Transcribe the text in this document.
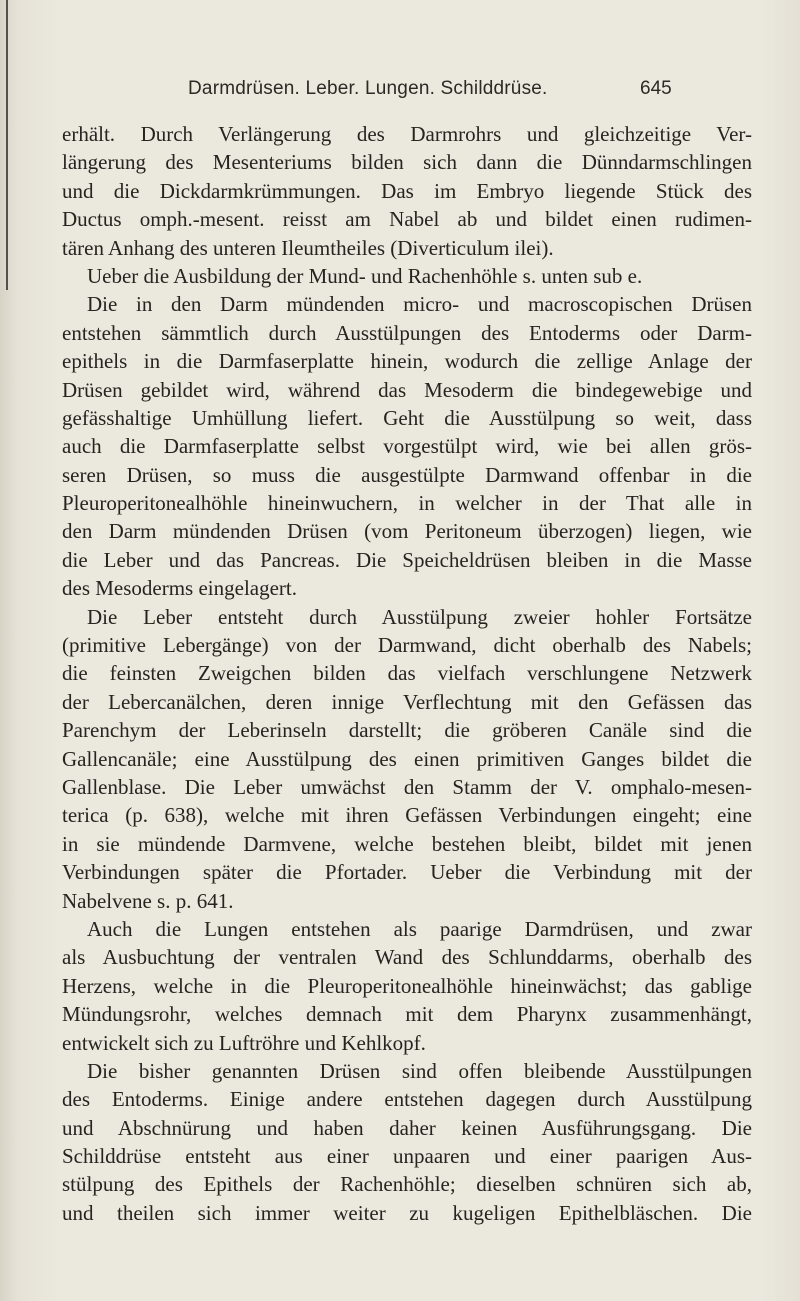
Darmdrüsen. Leber. Lungen. Schilddrüse.	645
erhält. Durch Verlängerung des Darmrohrs und gleichzeitige Ver-
längerung des Mesenteriums bilden sich dann die Dünndarmschlingen
und die Dickdarmkrümmungen. Das im Embryo liegende Stück des
Ductus omph.-mesent. reisst am Nabel ab und bildet einen rudimen-
tären Anhang des unteren Ileumtheiles (Diverticulum ilei).
Ueber die Ausbildung der Mund- und Rachenhöhle s. unten sub e.
Die in den Darm mündenden micro- und macroscopischen Drüsen
entstehen sämmtlich durch Ausstülpungen des Entoderms oder Darm-
epithels in die Darmfaserplatte hinein, wodurch die zellige Anlage der
Drüsen gebildet wird, während das Mesoderm die bindegewebige und
gefässhaltige Umhüllung liefert. Geht die Ausstülpung so weit, dass
auch die Darmfaserplatte selbst vorgestülpt wird, wie bei allen grös-
seren Drüsen, so muss die ausgestülpte Darmwand offenbar in die
Pleuroperitonealhöhle hineinwuchern, in welcher in der That alle in
den Darm mündenden Drüsen (vom Peritoneum überzogen) liegen, wie
die Leber und das Pancreas. Die Speicheldrüsen bleiben in die Masse
des Mesoderms eingelagert.
Die Leber entsteht durch Ausstülpung zweier hohler Fortsätze
(primitive Lebergänge) von der Darmwand, dicht oberhalb des Nabels;
die feinsten Zweigchen bilden das vielfach verschlungene Netzwerk
der Lebercanälchen, deren innige Verflechtung mit den Gefässen das
Parenchym der Leberinseln darstellt; die gröberen Canäle sind die
Gallencanäle; eine Ausstülpung des einen primitiven Ganges bildet die
Gallenblase. Die Leber umwächst den Stamm der V. omphalo-mesen-
terica (p. 638), welche mit ihren Gefässen Verbindungen eingeht; eine
in sie mündende Darmvene, welche bestehen bleibt, bildet mit jenen
Verbindungen später die Pfortader. Ueber die Verbindung mit der
Nabelvene s. p. 641.
Auch die Lungen entstehen als paarige Darmdrüsen, und zwar
als Ausbuchtung der ventralen Wand des Schlunddarms, oberhalb des
Herzens, welche in die Pleuroperitonealhöhle hineinwächst; das gablige
Mündungsrohr, welches demnach mit dem Pharynx zusammenhängt,
entwickelt sich zu Luftröhre und Kehlkopf.
Die bisher genannten Drüsen sind offen bleibende Ausstülpungen
des Entoderms. Einige andere entstehen dagegen durch Ausstülpung
und Abschnürung und haben daher keinen Ausführungsgang. Die
Schilddrüse entsteht aus einer unpaaren und einer paarigen Aus-
stülpung des Epithels der Rachenhöhle; dieselben schnüren sich ab,
und theilen sich immer weiter zu kugeligen Epithelbläschen. Die
